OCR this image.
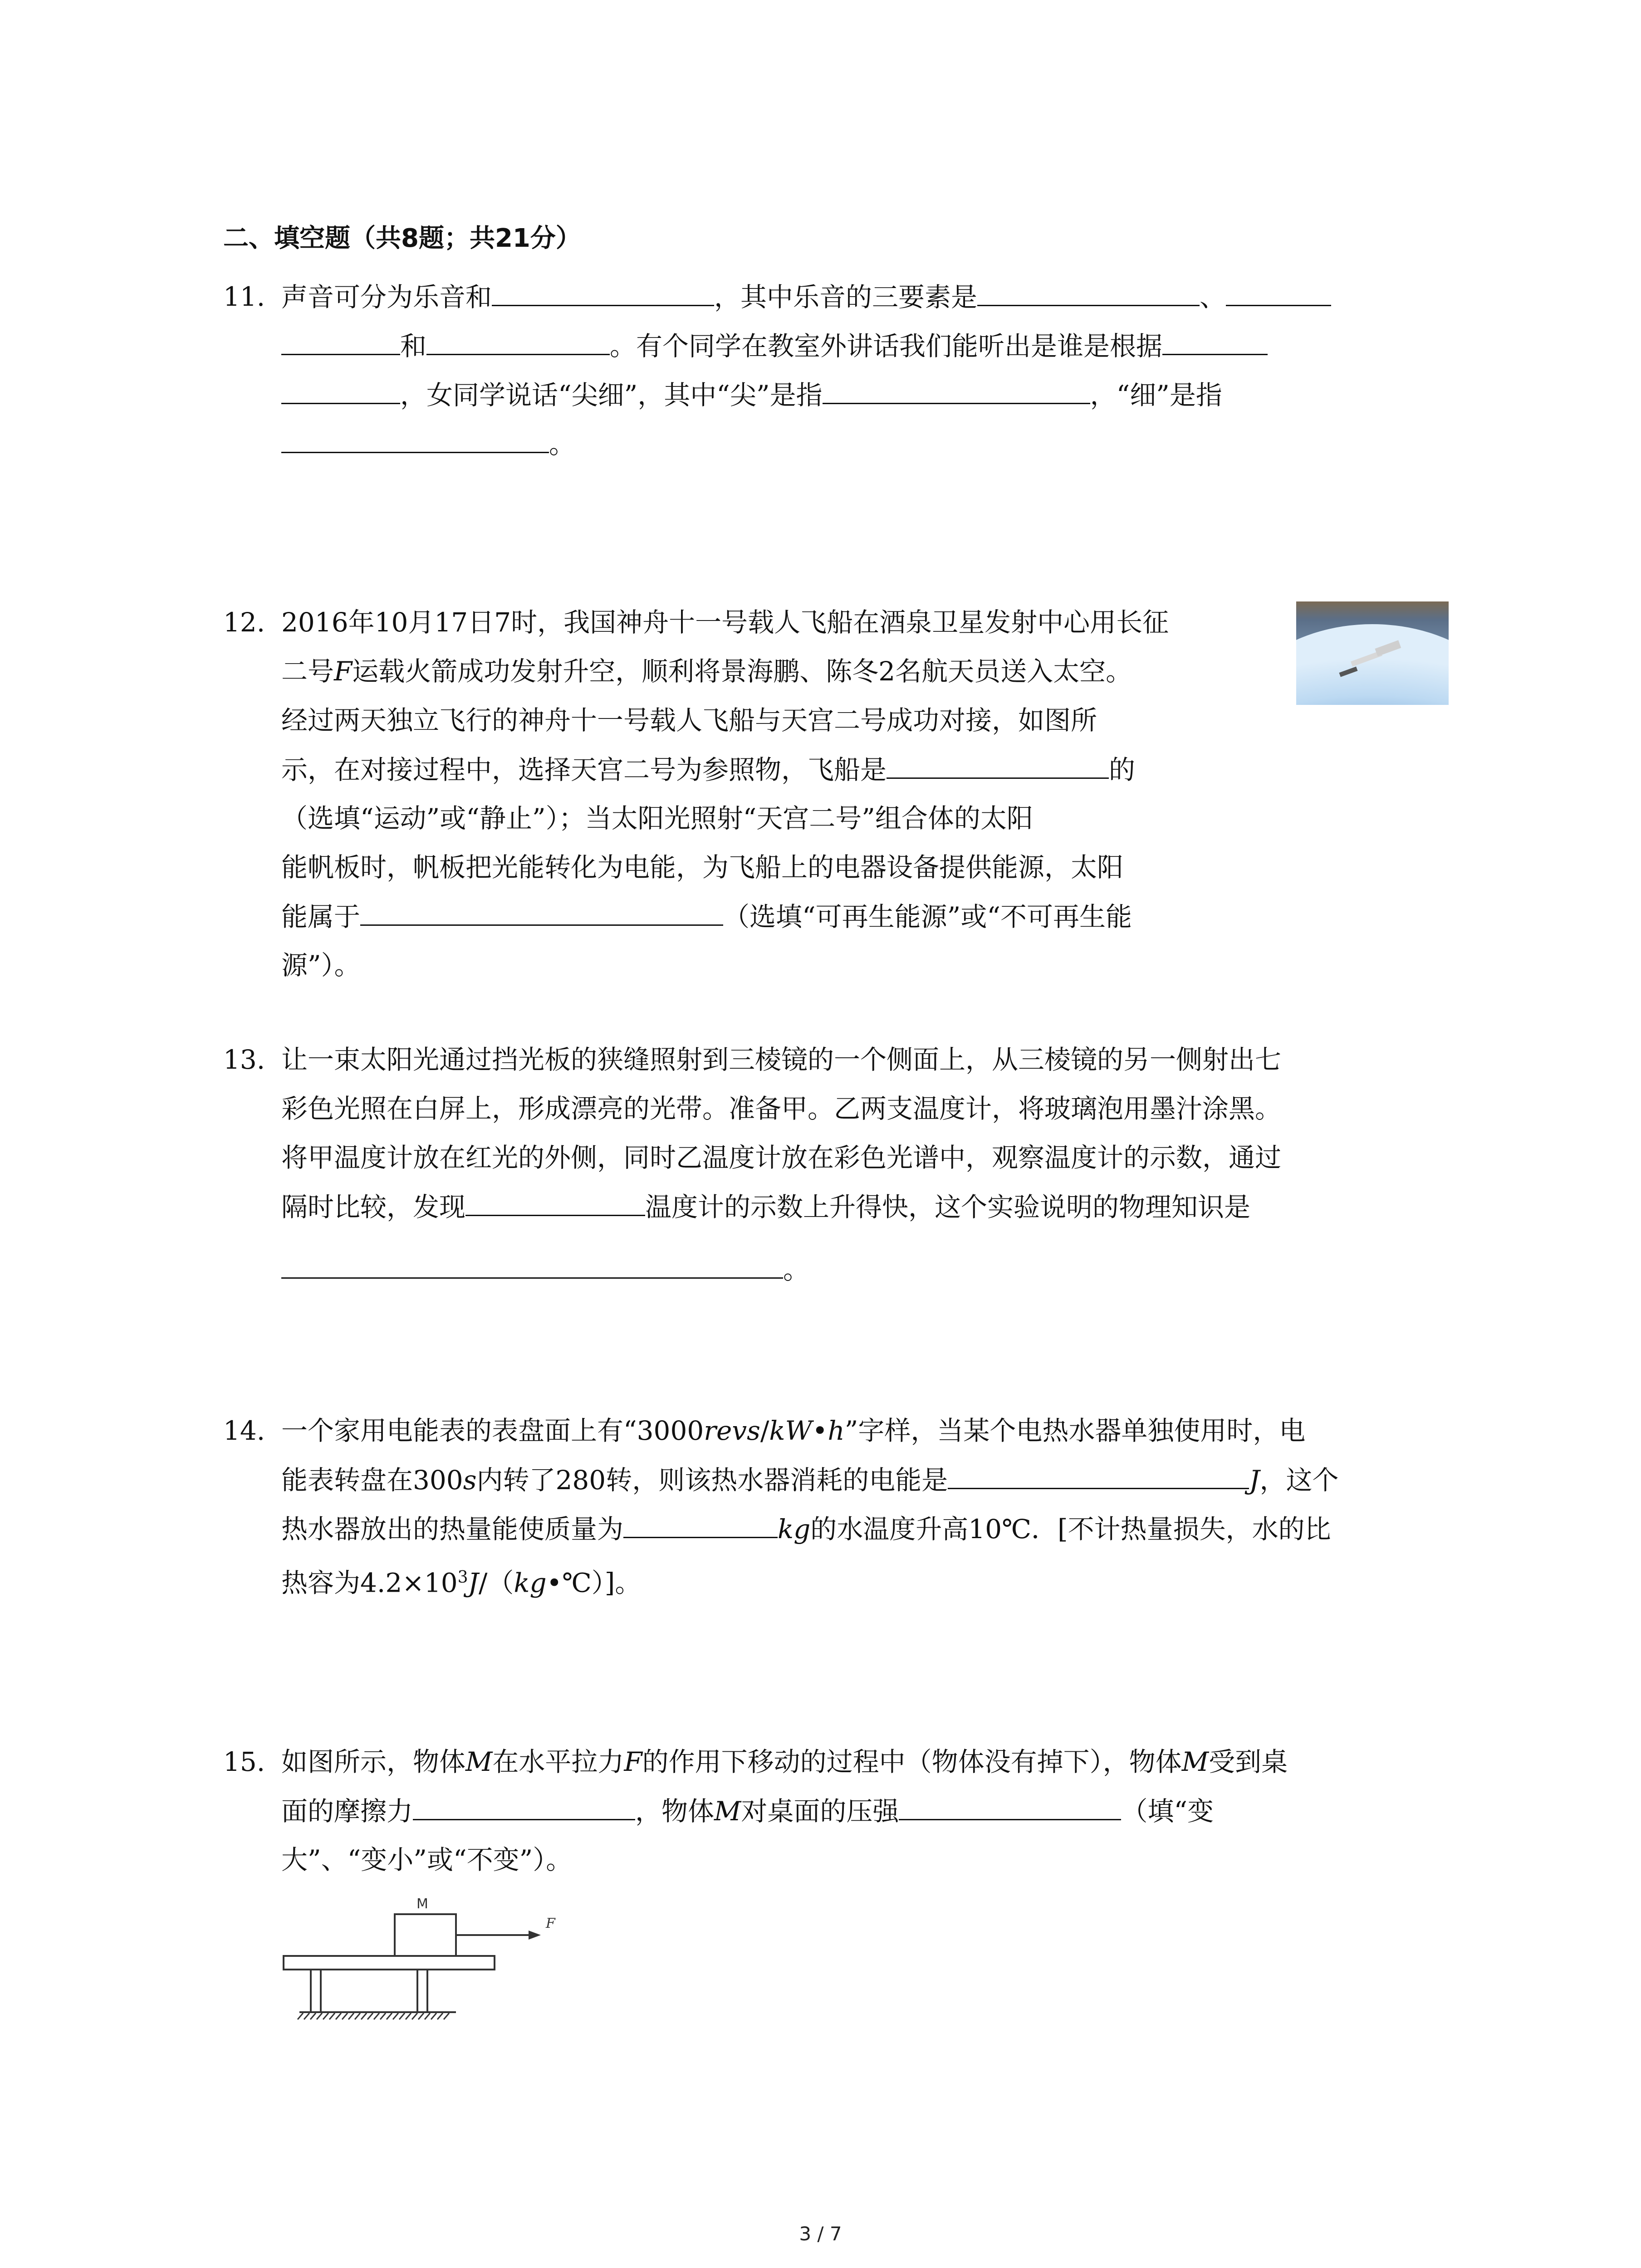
二、填空题（共8题；共21分）
11. 声音可分为乐音和	，其中乐音的三要素是	、
和	。有个同学在教室外讲话我们能听出是谁是根据
，女同学说话“尖细”，其中“尖”是指	，“细”是指
。
12. 2016年10月17日7时，我国神舟十一号载人飞船在酒泉卫星发射中心用长征
二号F运载火箭成功发射升空，顺利将景海鹏、陈冬2名航天员送入太空。
经过两天独立飞行的神舟十一号载人飞船与天宫二号成功对接，如图所
示，在对接过程中，选择天宫二号为参照物，飞船是	的
（选填“运动”或“静止”）；当太阳光照射“天宫二号”组合体的太阳
能帆板时，帆板把光能转化为电能，为飞船上的电器设备提供能源，太阳
能属于	（选填“可再生能源”或“不可再生能
源”）。
13. 让一束太阳光通过挡光板的狭缝照射到三棱镜的一个侧面上，从三棱镜的另一侧射出七
彩色光照在白屏上，形成漂亮的光带。准备甲。乙两支温度计，将玻璃泡用墨汁涂黑。
将甲温度计放在红光的外侧，同时乙温度计放在彩色光谱中，观察温度计的示数，通过
隔时比较，发现	温度计的示数上升得快，这个实验说明的物理知识是
。
14. 一个家用电能表的表盘面上有“3000revs/kW•h”字样，当某个电热水器单独使用时，电
能表转盘在300s内转了280转，则该热水器消耗的电能是	J，这个
热水器放出的热量能使质量为	kg的水温度升高10℃．[不计热量损失，水的比
热容为$4.2\times 10^3J/(kg•℃)$]。
15. 如图所示，物体M在水平拉力F的作用下移动的过程中（物体没有掉下），物体M受到桌
面的摩擦力	，物体M对桌面的压强	（填“变
大”、“变小”或“不变”）。
M
F
3 / 7
